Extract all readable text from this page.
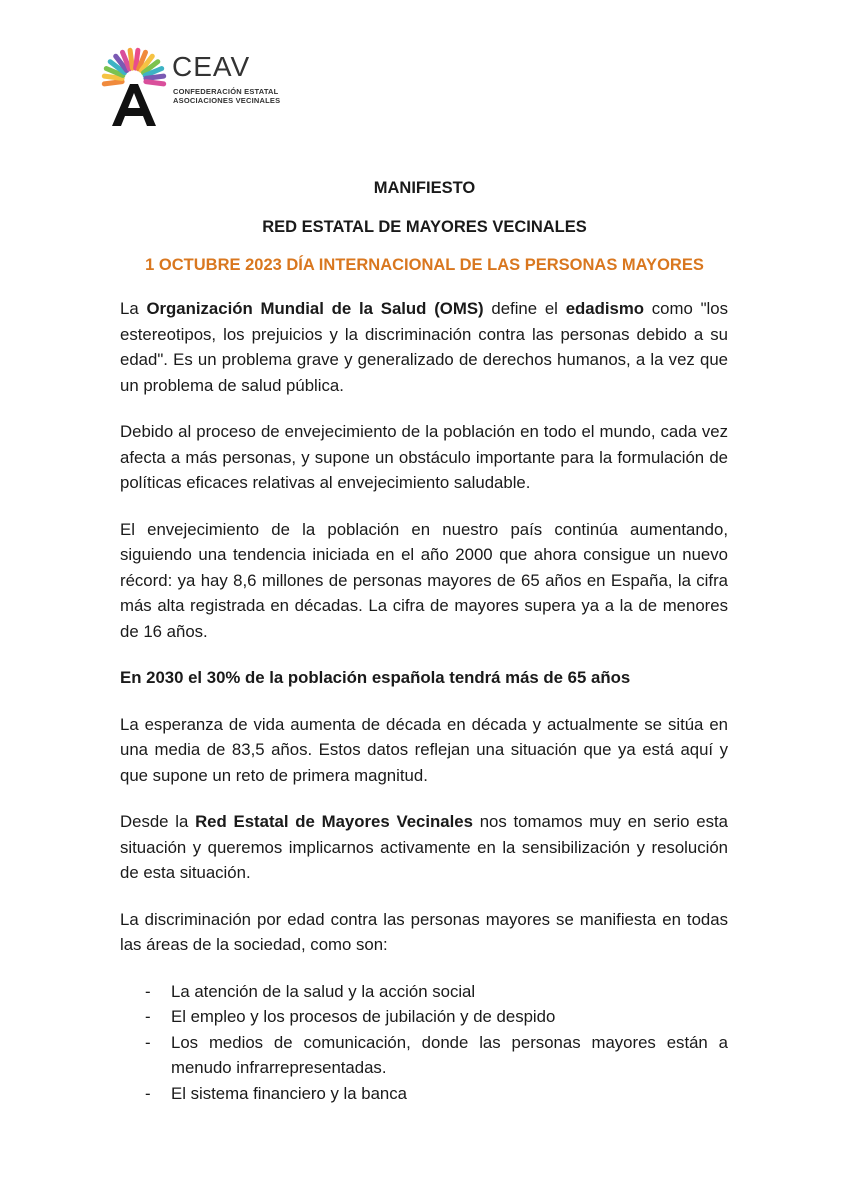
CEAV
CONFEDERACIÓN ESTATAL
ASOCIACIONES VECINALES
MANIFIESTO
RED ESTATAL DE MAYORES VECINALES
1 OCTUBRE 2023 DÍA INTERNACIONAL DE LAS PERSONAS MAYORES

La Organización Mundial de la Salud (OMS) define el edadismo como "los estereotipos, los prejuicios y la discriminación contra las personas debido a su edad". Es un problema grave y generalizado de derechos humanos, a la vez que un problema de salud pública.

Debido al proceso de envejecimiento de la población en todo el mundo, cada vez afecta a más personas, y supone un obstáculo importante para la formulación de políticas eficaces relativas al envejecimiento saludable.

El envejecimiento de la población en nuestro país continúa aumentando, siguiendo una tendencia iniciada en el año 2000 que ahora consigue un nuevo récord: ya hay 8,6 millones de personas mayores de 65 años en España, la cifra más alta registrada en décadas. La cifra de mayores supera ya a la de menores de 16 años.

En 2030 el 30% de la población española tendrá más de 65 años

La esperanza de vida aumenta de década en década y actualmente se sitúa en una media de 83,5 años. Estos datos reflejan una situación que ya está aquí y que supone un reto de primera magnitud.

Desde la Red Estatal de Mayores Vecinales nos tomamos muy en serio esta situación y queremos implicarnos activamente en la sensibilización y resolución de esta situación.

La discriminación por edad contra las personas mayores se manifiesta en todas las áreas de la sociedad, como son:

- La atención de la salud y la acción social
- El empleo y los procesos de jubilación y de despido
- Los medios de comunicación, donde las personas mayores están a menudo infrarrepresentadas.
- El sistema financiero y la banca
